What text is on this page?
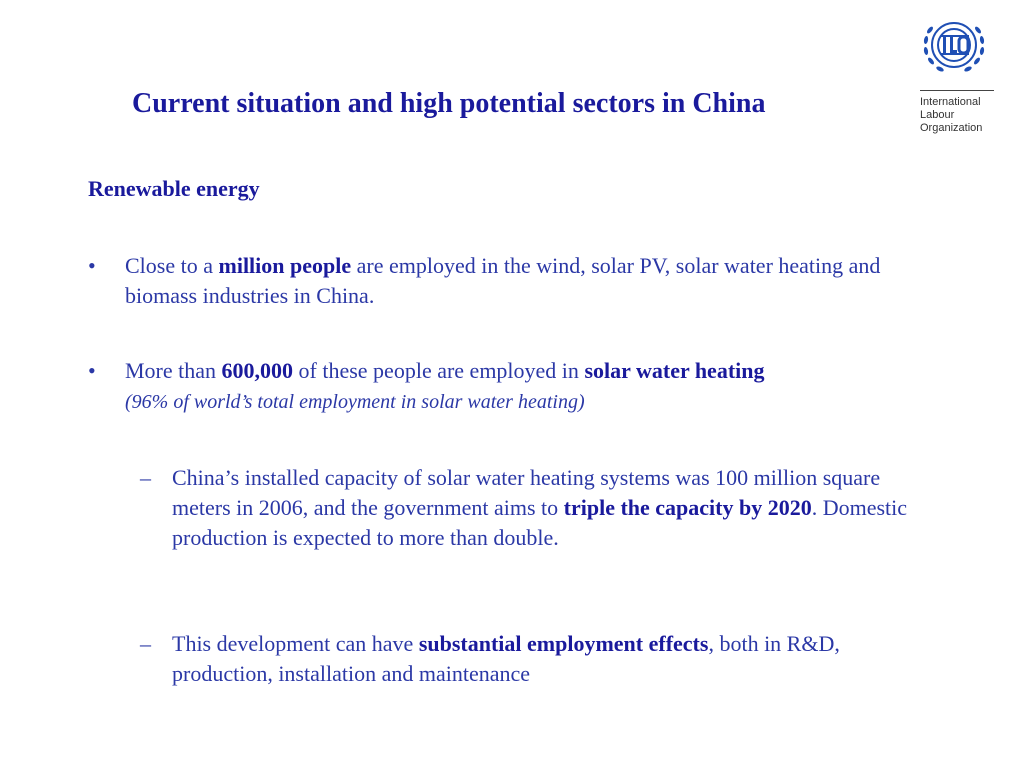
Current situation and high potential sectors in China	International
Labour
Organization
Renewable energy
• Close to a million people are employed in the wind, solar PV, solar water heating and biomass industries in China.
• More than 600,000 of these people are employed in solar water heating
(96% of world’s total employment in solar water heating)
– China’s installed capacity of solar water heating systems was 100 million square meters in 2006, and the government aims to triple the capacity by 2020. Domestic production is expected to more than double.
– This development can have substantial employment effects, both in R&D, production, installation and maintenance
